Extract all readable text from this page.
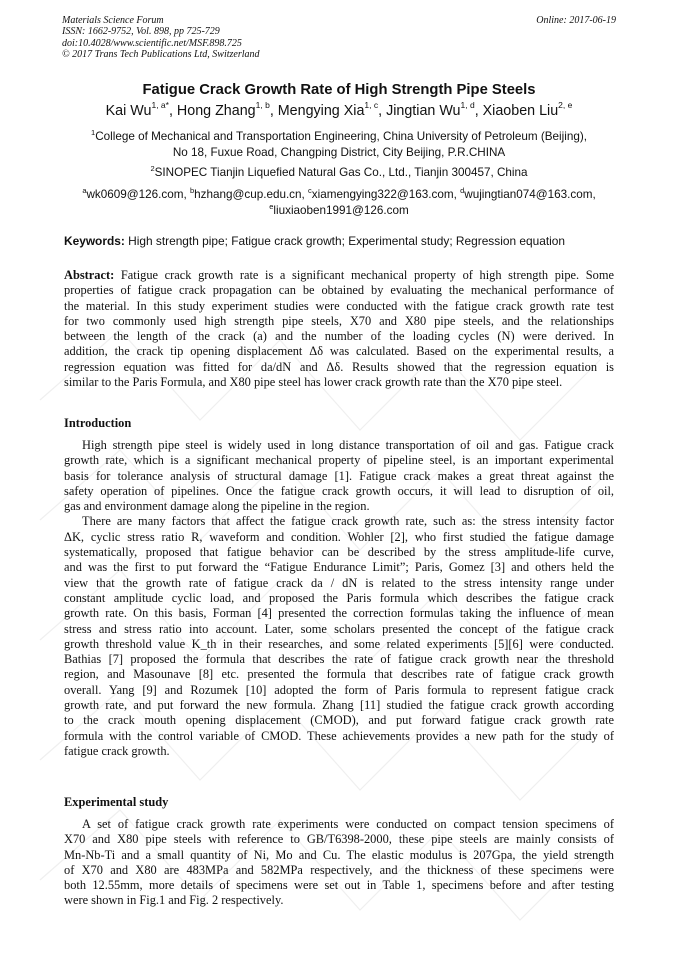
Materials Science Forum
ISSN: 1662-9752, Vol. 898, pp 725-729
doi:10.4028/www.scientific.net/MSF.898.725
© 2017 Trans Tech Publications Ltd, Switzerland
Online: 2017-06-19
Fatigue Crack Growth Rate of High Strength Pipe Steels
Kai $Wu^{1, a*}$, Hong Zhang$^{1, b}$, Mengying Xia$^{1, c}$, Jingtian Wu$^{1, d}$, Xiaoben Liu$^{2, e}$
$^1$College of Mechanical and Transportation Engineering, China University of Petroleum (Beijing),
No 18, Fuxue Road, Changping District, City Beijing, P.R.CHINA
$^2$SINOPEC Tianjin Liquefied Natural Gas Co., Ltd., Tianjin 300457, China
$^a$wk0609@126.com, $^b$hzhang@cup.edu.cn, $^c$xiamengying322@163.com, $^d$wujingtian074@163.com,
$^e$liuxiaoben1991@126.com
Keywords: High strength pipe; Fatigue crack growth; Experimental study; Regression equation
Abstract: Fatigue crack growth rate is a significant mechanical property of high strength pipe. Some
properties of fatigue crack propagation can be obtained by evaluating the mechanical performance of
the material. In this study experiment studies were conducted with the fatigue crack growth rate test
for two commonly used high strength pipe steels, X70 and X80 pipe steels, and the relationships
between the length of the crack (a) and the number of the loading cycles (N) were derived. In
addition, the crack tip opening displacement Δδ was calculated. Based on the experimental results, a
regression equation was fitted for da/dN and Δδ. Results showed that the regression equation is
similar to the Paris Formula, and X80 pipe steel has lower crack growth rate than the X70 pipe steel.
Introduction
High strength pipe steel is widely used in long distance transportation of oil and gas. Fatigue crack
growth rate, which is a significant mechanical property of pipeline steel, is an important experimental
basis for tolerance analysis of structural damage [1]. Fatigue crack makes a great threat against the
safety operation of pipelines. Once the fatigue crack growth occurs, it will lead to disruption of oil,
gas and environment damage along the pipeline in the region.
There are many factors that affect the fatigue crack growth rate, such as: the stress intensity factor
ΔK, cyclic stress ratio R, waveform and condition. Wohler [2], who first studied the fatigue damage
systematically, proposed that fatigue behavior can be described by the stress amplitude-life curve,
and was the first to put forward the “Fatigue Endurance Limit”; Paris, Gomez [3] and others held the
view that the growth rate of fatigue crack da / dN is related to the stress intensity range under
constant amplitude cyclic load, and proposed the Paris formula which describes the fatigue crack
growth rate. On this basis, Forman [4] presented the correction formulas taking the influence of mean
stress and stress ratio into account. Later, some scholars presented the concept of the fatigue crack
growth threshold value K_th in their researches, and some related experiments [5][6] were conducted.
Bathias [7] proposed the formula that describes the rate of fatigue crack growth near the threshold
region, and Masounave [8] etc. presented the formula that describes rate of fatigue crack growth
overall. Yang [9] and Rozumek [10] adopted the form of Paris formula to represent fatigue crack
growth rate, and put forward the new formula. Zhang [11] studied the fatigue crack growth according
to the crack mouth opening displacement (CMOD), and put forward fatigue crack growth rate
formula with the control variable of CMOD. These achievements provides a new path for the study of
fatigue crack growth.
Experimental study
A set of fatigue crack growth rate experiments were conducted on compact tension specimens of
X70 and X80 pipe steels with reference to GB/T6398-2000, these pipe steels are mainly consists of
Mn-Nb-Ti and a small quantity of Ni, Mo and Cu. The elastic modulus is 207Gpa, the yield strength
of X70 and X80 are 483MPa and 582MPa respectively, and the thickness of these specimens were
both 12.55mm, more details of specimens were set out in Table 1, specimens before and after testing
were shown in Fig.1 and Fig. 2 respectively.
